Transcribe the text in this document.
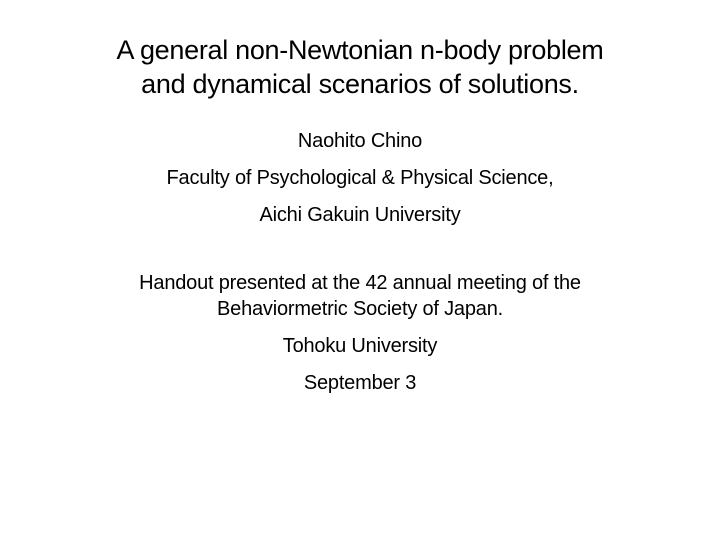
A general non-Newtonian n-body problem
and dynamical scenarios of solutions.

Naohito Chino

Faculty of Psychological & Physical Science,

Aichi Gakuin University

Handout presented at the 42 annual meeting of the
Behaviormetric Society of Japan.

Tohoku University

September 3
